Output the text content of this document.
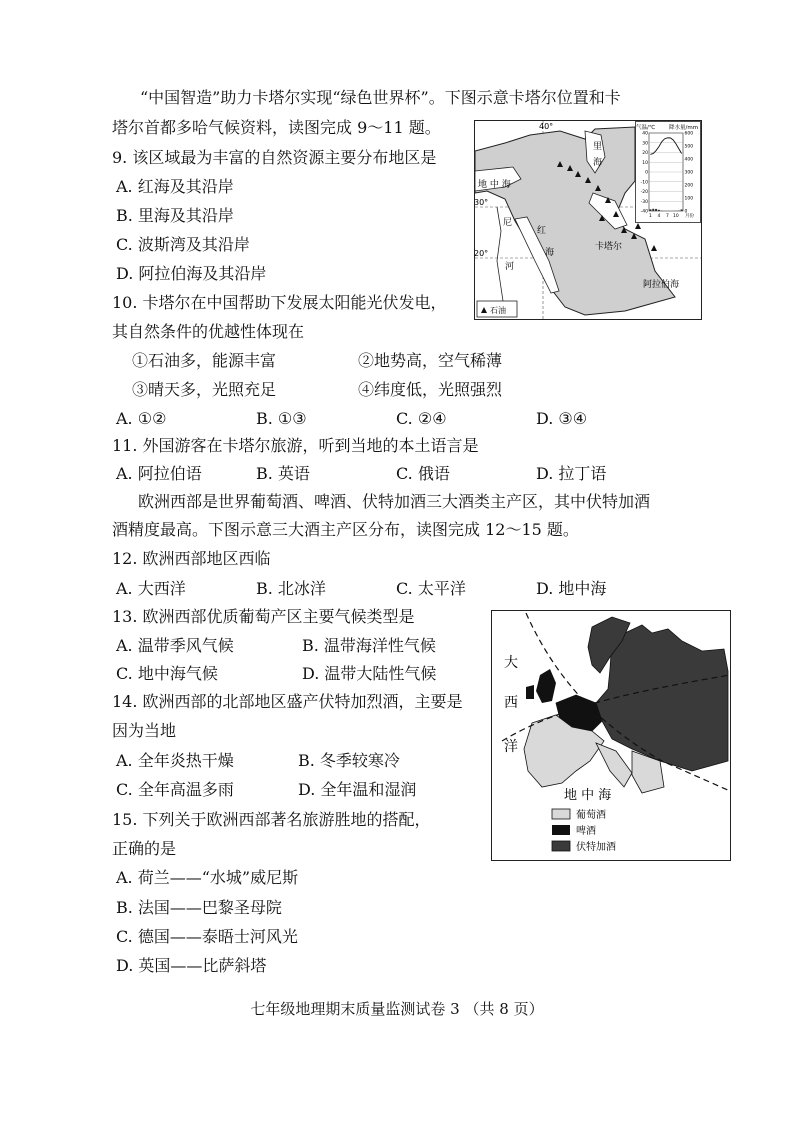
“中国智造”助力卡塔尔实现“绿色世界杯”。下图示意卡塔尔位置和卡
塔尔首都多哈气候资料，读图完成 9～11 题。
9. 该区域最为丰富的自然资源主要分布地区是
A. 红海及其沿岸
B. 里海及其沿岸
C. 波斯湾及其沿岸
D. 阿拉伯海及其沿岸
10. 卡塔尔在中国帮助下发展太阳能光伏发电，
其自然条件的优越性体现在
①石油多，能源丰富	②地势高，空气稀薄
③晴天多，光照充足	④纬度低，光照强烈
A. ①②	B. ①③	C. ②④	D. ③④
11. 外国游客在卡塔尔旅游，听到当地的本土语言是
A. 阿拉伯语	B. 英语	C. 俄语	D. 拉丁语
欧洲西部是世界葡萄酒、啤酒、伏特加酒三大酒类主产区，其中伏特加酒
酒精度最高。下图示意三大酒主产区分布，读图完成 12～15 题。
12. 欧洲西部地区西临
A. 大西洋	B. 北冰洋	C. 太平洋	D. 地中海
13. 欧洲西部优质葡萄产区主要气候类型是
A. 温带季风气候	B. 温带海洋性气候
C. 地中海气候	D. 温带大陆性气候
14. 欧洲西部的北部地区盛产伏特加烈酒，主要是
因为当地
A. 全年炎热干燥	B. 冬季较寒冷
C. 全年高温多雨	D. 全年温和湿润
15. 下列关于欧洲西部著名旅游胜地的搭配，
正确的是
A. 荷兰——“水城”威尼斯
B. 法国——巴黎圣母院
C. 德国——泰晤士河风光
D. 英国——比萨斜塔
40°
30°
20°
里
海
地 中 海
尼
红
河
海
阿拉伯海
卡塔尔
石油
气温/℃	降水量/mm
40
30
20
10
0
-10
-20
-30
-40
600
500
400
300
200
100
0
1 4 7 10 月份
大
西
洋
地 中 海
葡萄酒
啤酒
伏特加酒
七年级地理期末质量监测试卷 3 （共 8 页）
